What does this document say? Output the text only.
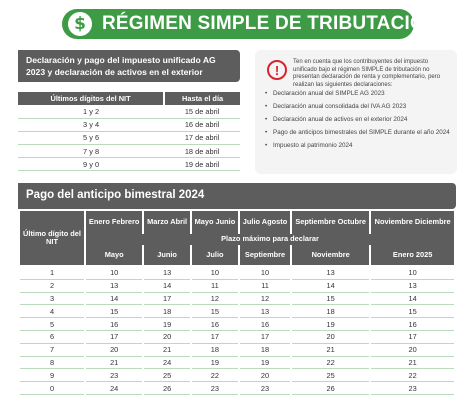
$ RÉGIMEN SIMPLE DE TRIBUTACIÓN
Declaración y pago del impuesto unificado AG 2023 y declaración de activos en el exterior
Últimos dígitos del NIT	Hasta el día
1 y 2	15 de abril
3 y 4	16 de abril
5 y 6	17 de abril
7 y 8	18 de abril
9 y 0	19 de abril
!
Ten en cuenta que los contribuyentes del impuesto unificado bajo el régimen SIMPLE de tributación no presentan declaración de renta y complementario, pero realizan las siguientes declaraciones:
• Declaración anual del SIMPLE AG 2023
• Declaración anual consolidada del IVA AG 2023
• Declaración anual de activos en el exterior 2024
• Pago de anticipos bimestrales del SIMPLE durante el año 2024
• Impuesto al patrimonio 2024
Pago del anticipo bimestral 2024
Último dígito del NIT	Enero Febrero	Marzo Abril	Mayo Junio	Julio Agosto	Septiembre Octubre	Noviembre Diciembre
	Plazo máximo para declarar					
	Mayo	Junio	Julio	Septiembre	Noviembre	Enero 2025

1	10	13	10	10	13	10
2	13	14	11	11	14	13
3	14	17	12	12	15	14
4	15	18	15	13	18	15
5	16	19	16	16	19	16
6	17	20	17	17	20	17
7	20	21	18	18	21	20
8	21	24	19	19	22	21
9	23	25	22	20	25	22
0	24	26	23	23	26	23
